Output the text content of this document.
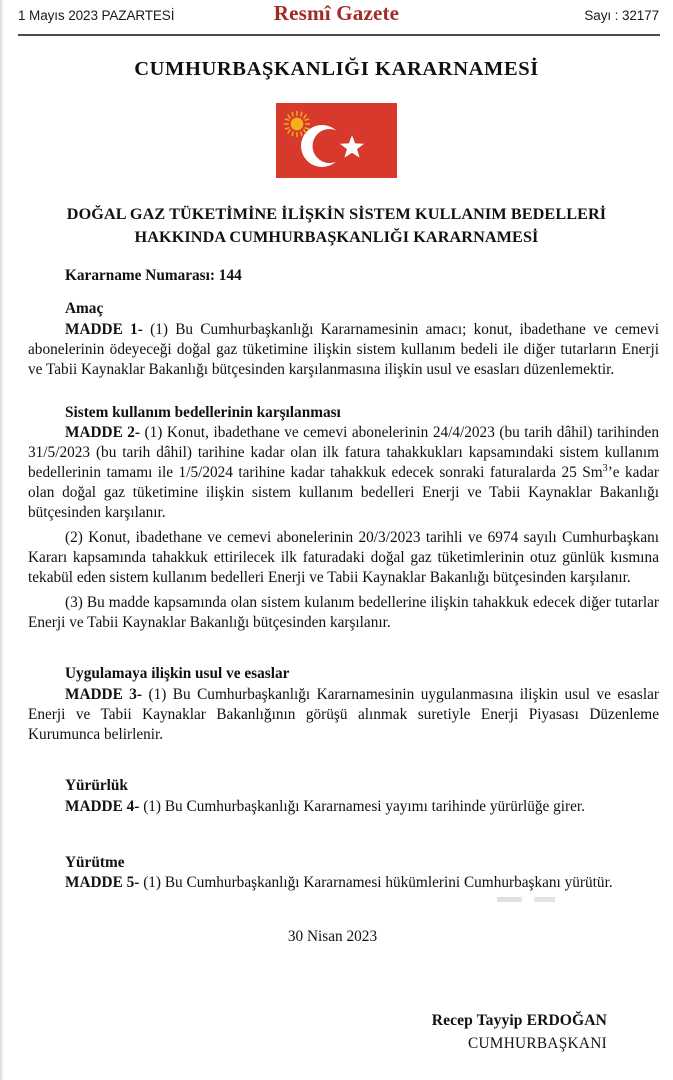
1 Mayıs 2023 PAZARTESİ	Resmî Gazete	Sayı : 32177
CUMHURBAŞKANLIĞI KARARNAMESİ
DOĞAL GAZ TÜKETİMİNE İLİŞKİN SİSTEM KULLANIM BEDELLERİ
HAKKINDA CUMHURBAŞKANLIĞI KARARNAMESİ
Kararname Numarası: 144
Amaç

MADDE 1- (1) Bu Cumhurbaşkanlığı Kararnamesinin amacı; konut, ibadethane ve cemevi abonelerinin ödeyeceği doğal gaz tüketimine ilişkin sistem kullanım bedeli ile diğer tutarların Enerji ve Tabii Kaynaklar Bakanlığı bütçesinden karşılanmasına ilişkin usul ve esasları düzenlemektir.

Sistem kullanım bedellerinin karşılanması

MADDE 2- (1) Konut, ibadethane ve cemevi abonelerinin 24/4/2023 (bu tarih dâhil) tarihinden 31/5/2023 (bu tarih dâhil) tarihine kadar olan ilk fatura tahakkukları kapsamındaki sistem kullanım bedellerinin tamamı ile 1/5/2024 tarihine kadar tahakkuk edecek sonraki faturalarda 25 Sm$^3$’e kadar olan doğal gaz tüketimine ilişkin sistem kullanım bedelleri Enerji ve Tabii Kaynaklar Bakanlığı bütçesinden karşılanır.

(2) Konut, ibadethane ve cemevi abonelerinin 20/3/2023 tarihli ve 6974 sayılı Cumhurbaşkanı Kararı kapsamında tahakkuk ettirilecek ilk faturadaki doğal gaz tüketimlerinin otuz günlük kısmına tekabül eden sistem kullanım bedelleri Enerji ve Tabii Kaynaklar Bakanlığı bütçesinden karşılanır.

(3) Bu madde kapsamında olan sistem kulanım bedellerine ilişkin tahakkuk edecek diğer tutarlar Enerji ve Tabii Kaynaklar Bakanlığı bütçesinden karşılanır.

Uygulamaya ilişkin usul ve esaslar

MADDE 3- (1) Bu Cumhurbaşkanlığı Kararnamesinin uygulanmasına ilişkin usul ve esaslar Enerji ve Tabii Kaynaklar Bakanlığının görüşü alınmak suretiyle Enerji Piyasası Düzenleme Kurumunca belirlenir.

Yürürlük

MADDE 4- (1) Bu Cumhurbaşkanlığı Kararnamesi yayımı tarihinde yürürlüğe girer.

Yürütme

MADDE 5- (1) Bu Cumhurbaşkanlığı Kararnamesi hükümlerini Cumhurbaşkanı yürütür.

30 Nisan 2023
Recep Tayyip ERDOĞAN
CUMHURBAŞKANI
